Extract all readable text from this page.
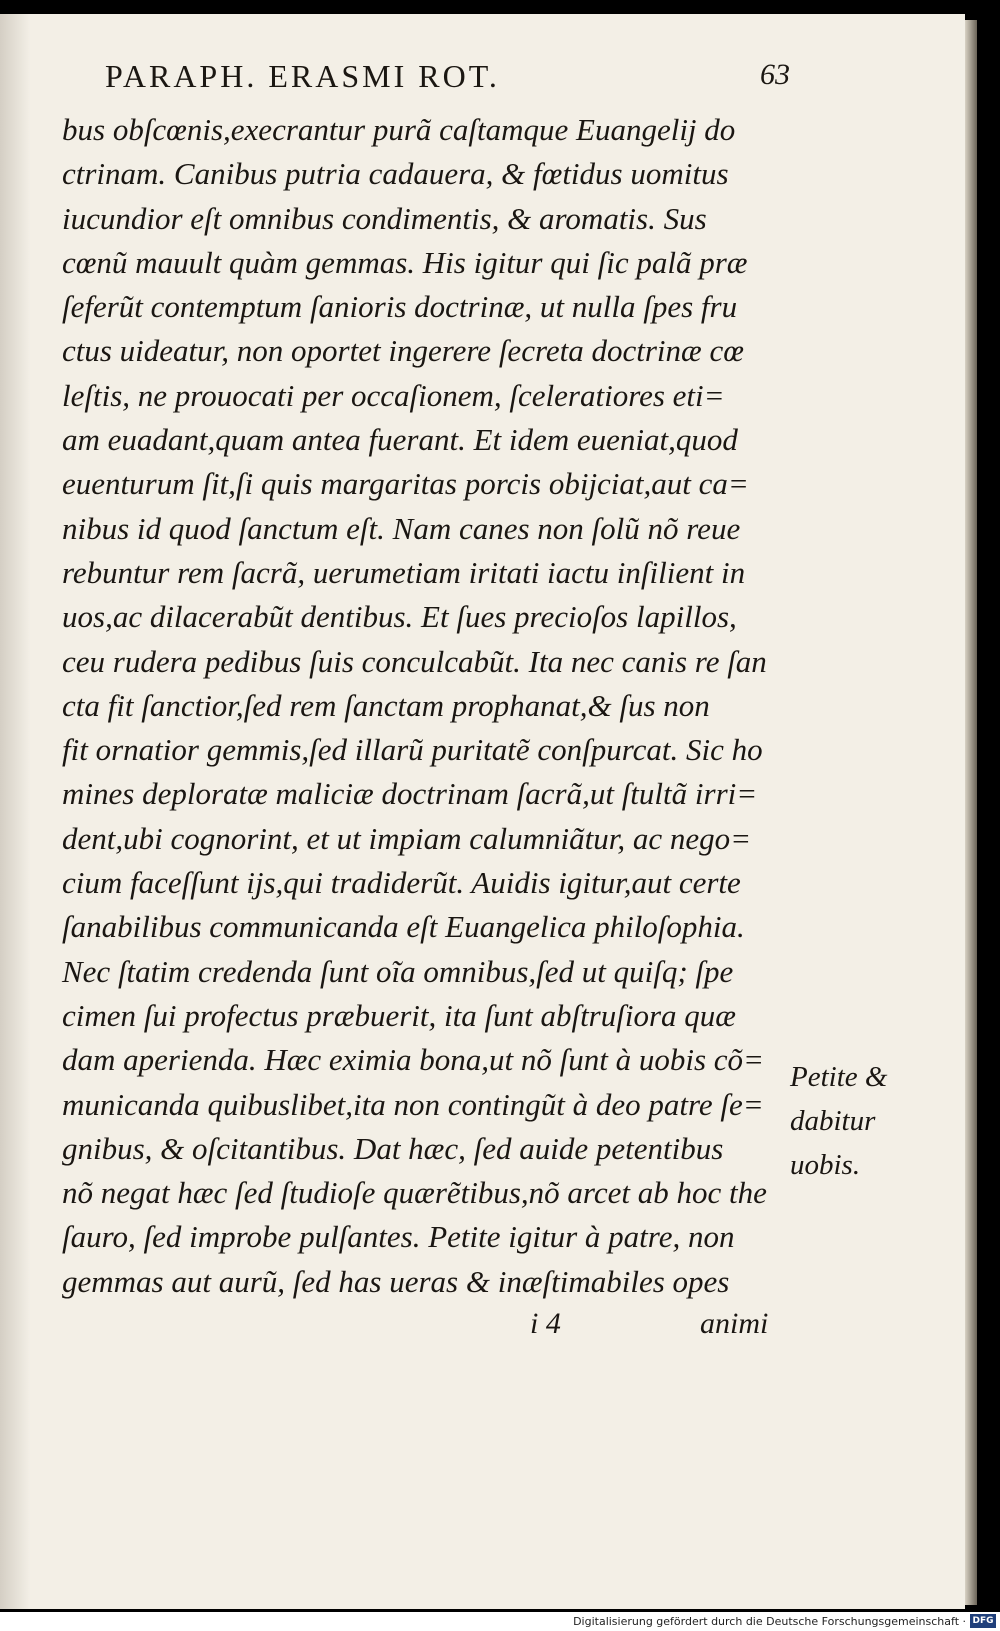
PARAPH. ERASMI ROT.	63
bus obſcœnis,execrantur purã caſtamque Euangelij do
ctrinam. Canibus putria cadauera, & fœtidus uomitus
iucundior eſt omnibus condimentis, & aromatis. Sus
cœnũ mauult quàm gemmas. His igitur qui ſic palã præ
ſeferũt contemptum ſanioris doctrinæ, ut nulla ſpes fru
ctus uideatur, non oportet ingerere ſecreta doctrinæ cœ
leſtis, ne prouocati per occaſionem, ſceleratiores eti=
am euadant,quam antea fuerant. Et idem eueniat,quod
euenturum ſit,ſi quis margaritas porcis obijciat,aut ca=
nibus id quod ſanctum eſt. Nam canes non ſolũ nõ reue
rebuntur rem ſacrã, uerumetiam iritati iactu inſilient in
uos,ac dilacerabũt dentibus. Et ſues precioſos lapillos,
ceu rudera pedibus ſuis conculcabũt. Ita nec canis re ſan
cta fit ſanctior,ſed rem ſanctam prophanat,& ſus non
fit ornatior gemmis,ſed illarũ puritatẽ conſpurcat. Sic ho
mines deploratæ maliciæ doctrinam ſacrã,ut ſtultã irri=
dent,ubi cognorint, et ut impiam calumniãtur, ac nego=
cium faceſſunt ijs,qui tradiderũt. Auidis igitur,aut certe
ſanabilibus communicanda eſt Euangelica philoſophia.
Nec ſtatim credenda ſunt oĩa omnibus,ſed ut quiſq; ſpe
cimen ſui profectus præbuerit, ita ſunt abſtruſiora quæ
dam aperienda. Hæc eximia bona,ut nõ ſunt à uobis cõ=
municanda quibuslibet,ita non contingũt à deo patre ſe=
gnibus, & oſcitantibus. Dat hæc, ſed auide petentibus
nõ negat hæc ſed ſtudioſe quærẽtibus,nõ arcet ab hoc the
ſauro, ſed improbe pulſantes. Petite igitur à patre, non
gemmas aut aurũ, ſed has ueras & inæſtimabiles opes
Petite &
dabitur
uobis.
i 4	animi
Digitalisierung gefördert durch die Deutsche Forschungsgemeinschaft · DFG
